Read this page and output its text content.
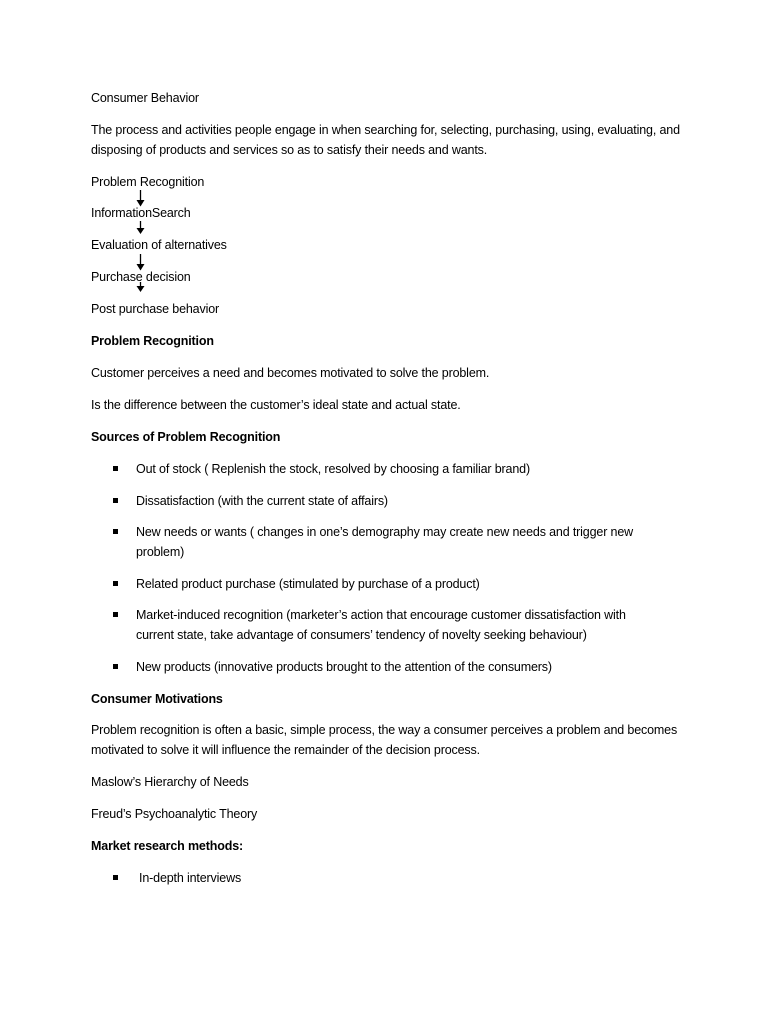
Consumer Behavior
The process and activities people engage in when searching for, selecting, purchasing, using, evaluating, and disposing of products and services so as to satisfy their needs and wants.
Problem Recognition
InformationSearch
Evaluation of alternatives
Purchase decision
Post purchase behavior
Problem Recognition
Customer perceives a need and becomes motivated to solve the problem.
Is the difference between the customer’s ideal state and actual state.
Sources of Problem Recognition
Out of stock ( Replenish the stock, resolved by choosing a familiar brand)
Dissatisfaction (with the current state of affairs)
New needs or wants ( changes in one’s demography may create new needs and trigger new problem)
Related product purchase (stimulated by purchase of a product)
Market-induced recognition (marketer’s action that encourage customer dissatisfaction with current state, take advantage of consumers’ tendency of novelty seeking behaviour)
New products (innovative products brought to the attention of the consumers)
Consumer Motivations
Problem recognition is often a basic, simple process, the way a consumer perceives a problem and becomes motivated to solve it will influence the remainder of the decision process.
Maslow’s Hierarchy of Needs
Freud’s Psychoanalytic Theory
Market research methods:
In-depth interviews
